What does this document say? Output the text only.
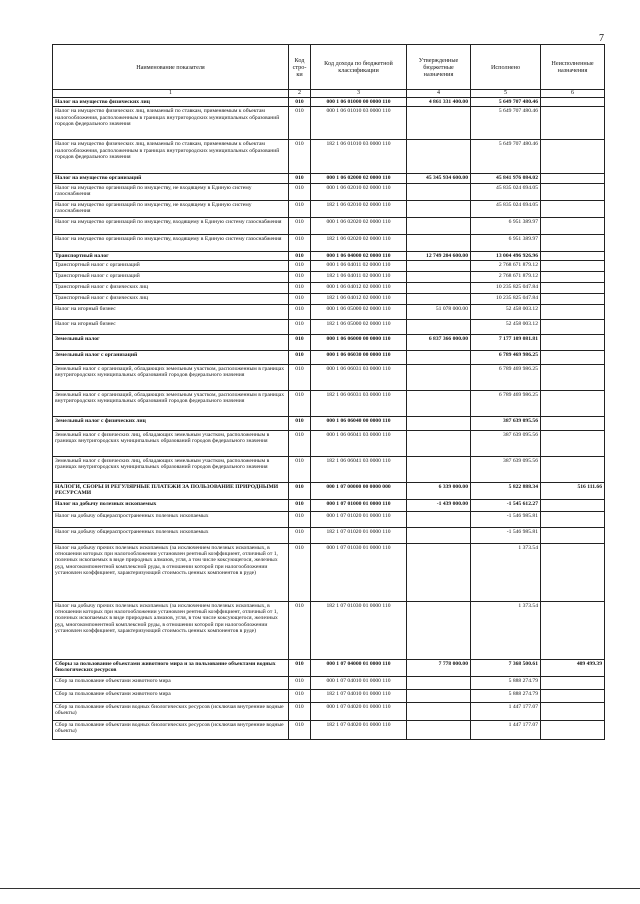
7
Наименование показателя	Код стро-ки	Код дохода по бюджетной классификации	Утвержденные бюджетные назначения	Исполнено	Неисполненные назначения
1	2	3	4	5	6
Налог на имущество физических лиц	010	000 1 06 01000 00 0000 110	4 861 331 400.00	5 649 707 480.46	
Налог на имущество физических лиц, взимаемый по ставкам, применяемым к объектам налогообложения, расположенным в границах внутригородских муниципальных образований городов федерального значения	010	000 1 06 01010 03 0000 110		5 649 707 480.46	
Налог на имущество физических лиц, взимаемый по ставкам, применяемым к объектам налогообложения, расположенным в границах внутригородских муниципальных образований городов федерального значения	010	182 1 06 01010 03 0000 110		5 649 707 480.46	
Налог на имущество организаций	010	000 1 06 02000 02 0000 110	45 345 934 600.00	45 841 976 084.02	
Налог на имущество организаций по имуществу, не входящему в Единую систему газоснабжения	010	000 1 06 02010 02 0000 110		45 835 024 694.05	
Налог на имущество организаций по имуществу, не входящему в Единую систему газоснабжения	010	182 1 06 02010 02 0000 110		45 835 024 694.05	
Налог на имущество организаций по имуществу, входящему в Единую систему газоснабжения	010	000 1 06 02020 02 0000 110		6 951 389.97	
Налог на имущество организаций по имуществу, входящему в Единую систему газоснабжения	010	182 1 06 02020 02 0000 110		6 951 389.97	
Транспортный налог	010	000 1 06 04000 02 0000 110	12 749 204 600.00	13 004 496 926.96	
Транспортный налог с организаций	010	000 1 06 04011 02 0000 110		2 768 671 879.12	
Транспортный налог с организаций	010	182 1 06 04011 02 0000 110		2 768 671 879.12	
Транспортный налог с физических лиц	010	000 1 06 04012 02 0000 110		10 235 825 047.84	
Транспортный налог с физических лиц	010	182 1 06 04012 02 0000 110		10 235 825 047.84	
Налог на игорный бизнес	010	000 1 06 05000 02 0000 110	51 078 000.00	52 458 003.12	
Налог на игорный бизнес	010	182 1 06 05000 02 0000 110		52 458 003.12	
Земельный налог	010	000 1 06 06000 00 0000 110	6 837 366 000.00	7 177 109 081.81	
Земельный налог с организаций	010	000 1 06 06030 00 0000 110		6 789 469 986.25	
Земельный налог с организаций, обладающих земельным участком, расположенным в границах внутригородских муниципальных образований городов федерального значения	010	000 1 06 06031 03 0000 110		6 789 469 986.25	
Земельный налог с организаций, обладающих земельным участком, расположенным в границах внутригородских муниципальных образований городов федерального значения	010	182 1 06 06031 03 0000 110		6 789 469 986.25	
Земельный налог с физических лиц	010	000 1 06 06040 00 0000 110		387 639 095.56	
Земельный налог с физических лиц, обладающих земельным участком, расположенным в границах внутригородских муниципальных образований городов федерального значения	010	000 1 06 06041 03 0000 110		387 639 095.56	
Земельный налог с физических лиц, обладающих земельным участком, расположенным в границах внутригородских муниципальных образований городов федерального значения	010	182 1 06 06041 03 0000 110		387 639 095.56	
НАЛОГИ, СБОРЫ И РЕГУЛЯРНЫЕ ПЛАТЕЖИ ЗА ПОЛЬЗОВАНИЕ ПРИРОДНЫМИ РЕСУРСАМИ	010	000 1 07 00000 00 0000 000	6 339 000.00	5 822 888.34	516 111.66
Налог на добычу полезных ископаемых	010	000 1 07 01000 01 0000 110	-1 439 000.00	-1 545 612.27	
Налог на добычу общераспространенных полезных ископаемых	010	000 1 07 01020 01 0000 110		-1 546 985.81	
Налог на добычу общераспространенных полезных ископаемых	010	182 1 07 01020 01 0000 110		-1 546 985.81	
Налог на добычу прочих полезных ископаемых (за исключением полезных ископаемых, в отношении которых при налогообложении установлен рентный коэффициент, отличный от 1, полезных ископаемых в виде природных алмазов, угля, а том числе коксующегося, железных руд, многокомпонентной комплексной руды, в отношении которой при налогообложении установлен коэффициент, характеризующий стоимость ценных компонентов в руде)	010	000 1 07 01030 01 0000 110		1 373.54	
Налог на добычу прочих полезных ископаемых (за исключением полезных ископаемых, в отношении которых при налогообложении установлен рентный коэффициент, отличный от 1, полезных ископаемых в виде природных алмазов, угля, в том числе коксующегося, железных руд, многокомпонентной комплексной руды, в отношении которой при налогообложении установлен коэффициент, характеризующий стоимость ценных компонентов в руде)	010	182 1 07 01030 01 0000 110		1 373.54	
Сборы за пользование объектами животного мира и за пользование объектами водных биологических ресурсов	010	000 1 07 04000 01 0000 110	7 778 000.00	7 368 500.61	409 499.39
Сбор за пользование объектами животного мира	010	000 1 07 04010 01 0000 110		5 888 274.79	
Сбор за пользование объектами животного мира	010	182 1 07 04010 01 0000 110		5 888 274.79	
Сбор за пользование объектами водных биологических ресурсов (исключая внутренние водные объекты)	010	000 1 07 04020 01 0000 110		1 447 177.07	
Сбор за пользование объектами водных биологических ресурсов (исключая внутренние водные объекты)	010	182 1 07 04020 01 0000 110		1 447 177.07	
